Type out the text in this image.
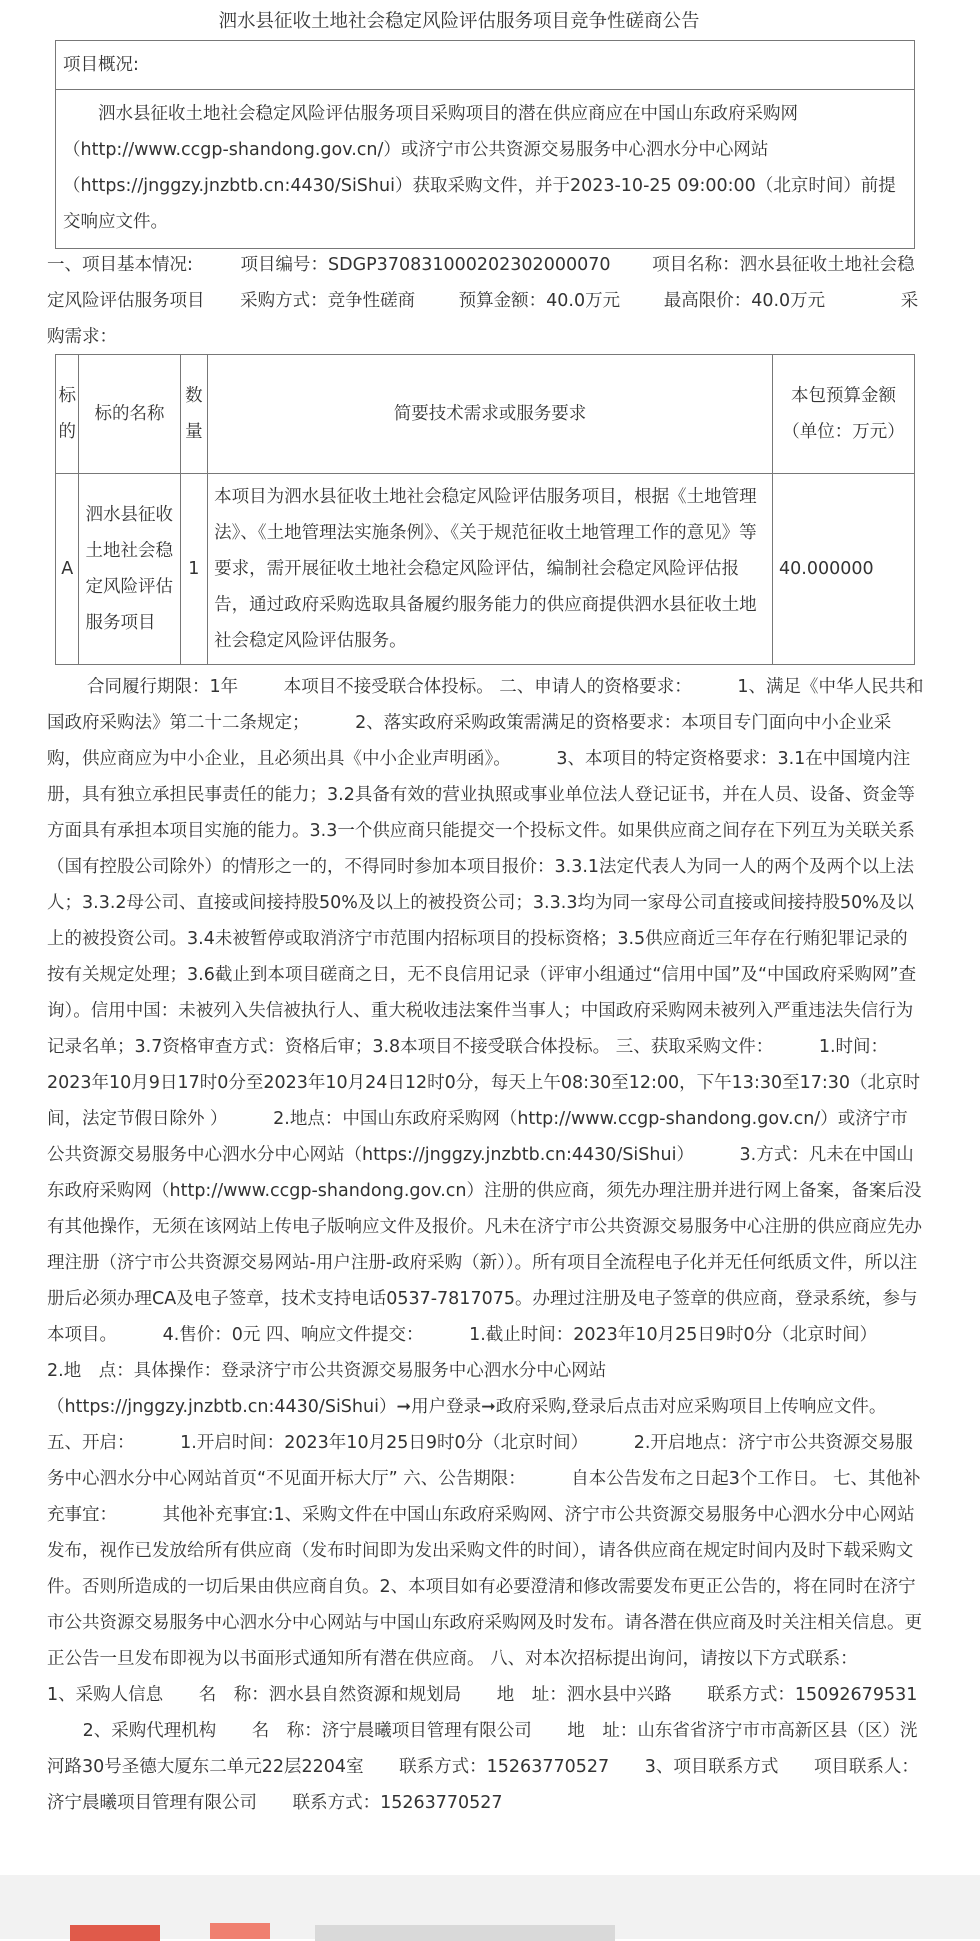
泗水县征收土地社会稳定风险评估服务项目竞争性磋商公告
项目概况:
泗水县征收土地社会稳定风险评估服务项目采购项目的潜在供应商应在中国山东政府采购网（http://www.ccgp-shandong.gov.cn/）或济宁市公共资源交易服务中心泗水分中心网站（https://jnggzy.jnzbtb.cn:4430/SiShui）获取采购文件，并于2023-10-25 09:00:00（北京时间）前提交响应文件。
一、项目基本情况:	项目编号：SDGP370831000202302000070 项目名称：泗水县征收土地社会稳定风险评估服务项目 采购方式：竞争性磋商 预算金额：40.0万元 最高限价：40.0万元	采购需求：
标的	标的名称	数量	简要技术需求或服务要求	本包预算金额（单位：万元）
A	泗水县征收土地社会稳定风险评估服务项目	1	本项目为泗水县征收土地社会稳定风险评估服务项目，根据《土地管理法》、《土地管理法实施条例》、《关于规范征收土地管理工作的意见》等要求，需开展征收土地社会稳定风险评估，编制社会稳定风险评估报告，通过政府采购选取具备履约服务能力的供应商提供泗水县征收土地社会稳定风险评估服务。	40.000000
合同履行期限：1年	本项目不接受联合体投标。 二、申请人的资格要求：	1、满足《中华人民共和国政府采购法》第二十二条规定；	2、落实政府采购政策需满足的资格要求：本项目专门面向中小企业采购，供应商应为中小企业，且必须出具《中小企业声明函》。	3、本项目的特定资格要求：3.1在中国境内注册，具有独立承担民事责任的能力；3.2具备有效的营业执照或事业单位法人登记证书，并在人员、设备、资金等方面具有承担本项目实施的能力。3.3一个供应商只能提交一个投标文件。如果供应商之间存在下列互为关联关系（国有控股公司除外）的情形之一的，不得同时参加本项目报价：3.3.1法定代表人为同一人的两个及两个以上法人；3.3.2母公司、直接或间接持股50%及以上的被投资公司；3.3.3均为同一家母公司直接或间接持股50%及以上的被投资公司。3.4未被暂停或取消济宁市范围内招标项目的投标资格；3.5供应商近三年存在行贿犯罪记录的按有关规定处理；3.6截止到本项目磋商之日，无不良信用记录（评审小组通过“信用中国”及“中国政府采购网”查询）。信用中国：未被列入失信被执行人、重大税收违法案件当事人；中国政府采购网未被列入严重违法失信行为记录名单；3.7资格审查方式：资格后审；3.8本项目不接受联合体投标。 三、获取采购文件：	1.时间：2023年10月9日17时0分至2023年10月24日12时0分，每天上午08:30至12:00，下午13:30至17:30（北京时间，法定节假日除外 ）	2.地点：中国山东政府采购网（http://www.ccgp-shandong.gov.cn/）或济宁市公共资源交易服务中心泗水分中心网站（https://jnggzy.jnzbtb.cn:4430/SiShui）	3.方式：凡未在中国山东政府采购网（http://www.ccgp-shandong.gov.cn）注册的供应商，须先办理注册并进行网上备案，备案后没有其他操作，无须在该网站上传电子版响应文件及报价。凡未在济宁市公共资源交易服务中心注册的供应商应先办理注册（济宁市公共资源交易网站-用户注册-政府采购（新））。所有项目全流程电子化并无任何纸质文件，所以注册后必须办理CA及电子签章，技术支持电话0537-7817075。办理过注册及电子签章的供应商，登录系统，参与本项目。	4.售价：0元 四、响应文件提交：	1.截止时间：2023年10月25日9时0分（北京时间） 2.地　点：具体操作：登录济宁市公共资源交易服务中心泗水分中心网站（https://jnggzy.jnzbtb.cn:4430/SiShui）➞用户登录➞政府采购,登录后点击对应采购项目上传响应文件。 五、开启：	1.开启时间：2023年10月25日9时0分（北京时间）	2.开启地点：济宁市公共资源交易服务中心泗水分中心网站首页“不见面开标大厅” 六、公告期限：	自本公告发布之日起3个工作日。 七、其他补充事宜：	其他补充事宜:1、采购文件在中国山东政府采购网、济宁市公共资源交易服务中心泗水分中心网站发布，视作已发放给所有供应商（发布时间即为发出采购文件的时间），请各供应商在规定时间内及时下载采购文件。否则所造成的一切后果由供应商自负。2、本项目如有必要澄清和修改需要发布更正公告的，将在同时在济宁市公共资源交易服务中心泗水分中心网站与中国山东政府采购网及时发布。请各潜在供应商及时关注相关信息。更正公告一旦发布即视为以书面形式通知所有潜在供应商。 八、对本次招标提出询问，请按以下方式联系： 1、采购人信息 名　称：泗水县自然资源和规划局 地　址：泗水县中兴路 联系方式：15092679531 2、采购代理机构 名　称：济宁晨曦项目管理有限公司 地　址：山东省省济宁市市高新区县（区）洸河路30号圣德大厦东二单元22层2204室 联系方式：15263770527 3、项目联系方式 项目联系人：济宁晨曦项目管理有限公司 联系方式：15263770527
